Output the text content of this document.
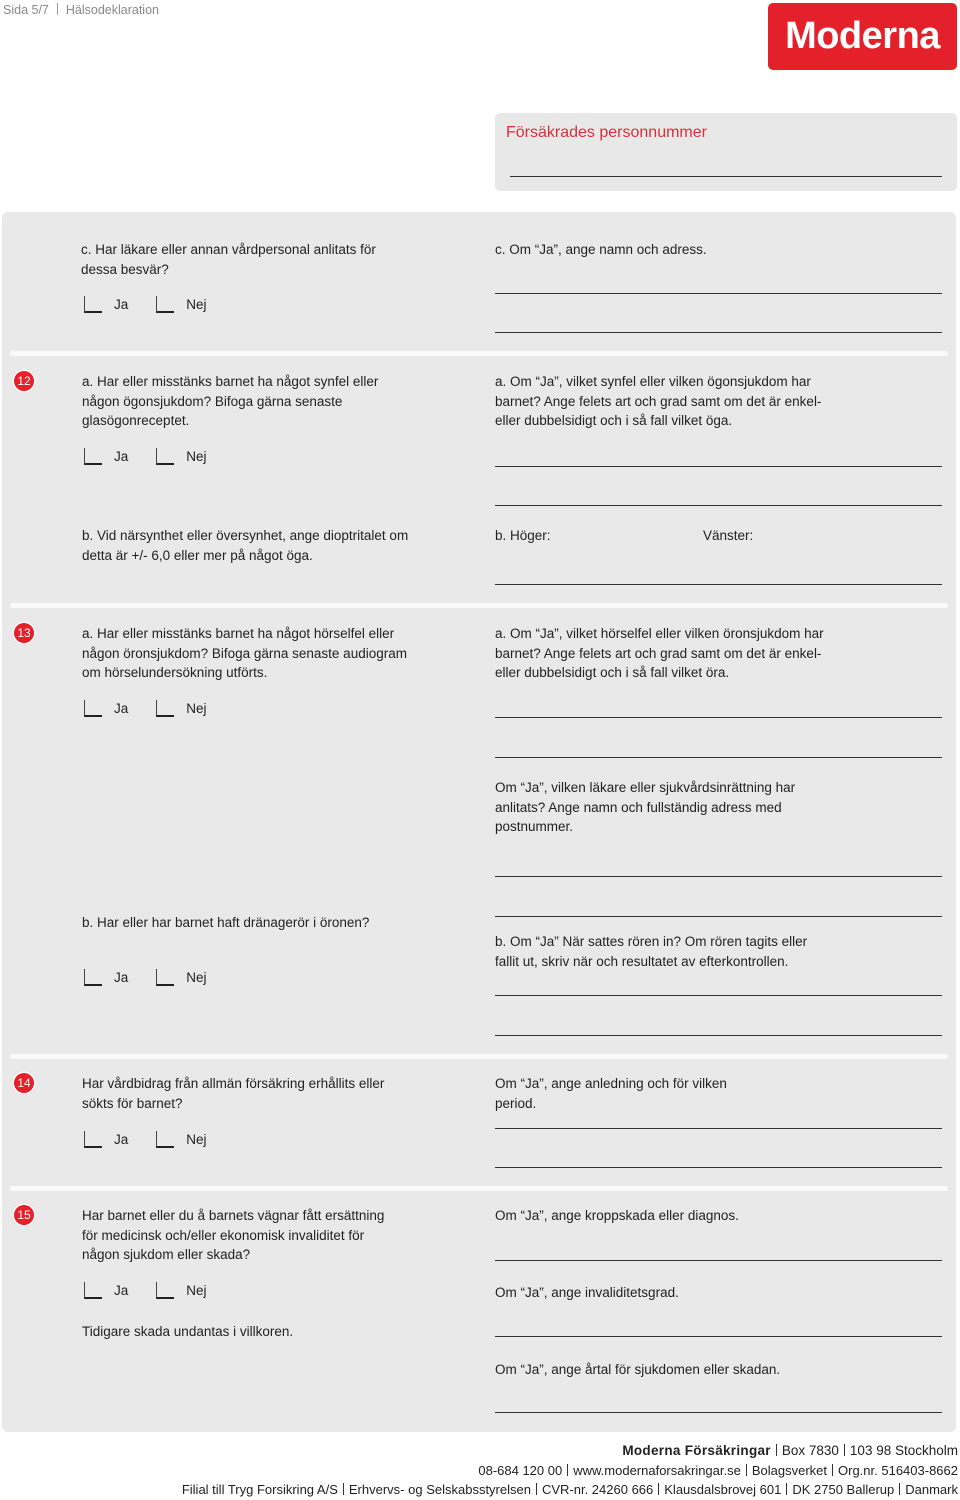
Sida 5/7 Hälsodeklaration
Moderna
Försäkrades personnummer
c. Har läkare eller annan vårdpersonal anlitats för dessa besvär?
Ja	Nej
c. Om “Ja”, ange namn och adress.
12	a. Har eller misstänks barnet ha något synfel eller någon ögonsjukdom? Bifoga gärna senaste glasögonreceptet.
Ja	Nej
a. Om “Ja”, vilket synfel eller vilken ögonsjukdom har barnet? Ange felets art och grad samt om det är enkel- eller dubbelsidigt och i så fall vilket öga.
b. Vid närsynthet eller översynhet, ange dioptritalet om detta är +/- 6,0 eller mer på något öga.
b. Höger:	Vänster:
13	a. Har eller misstänks barnet ha något hörselfel eller någon öronsjukdom? Bifoga gärna senaste audiogram om hörselundersökning utförts.
Ja	Nej
a. Om “Ja”, vilket hörselfel eller vilken öronsjukdom har barnet? Ange felets art och grad samt om det är enkel- eller dubbelsidigt och i så fall vilket öra.
Om “Ja”, vilken läkare eller sjukvårdsinrättning har anlitats? Ange namn och fullständig adress med postnummer.
b. Har eller har barnet haft dränagerör i öronen?
Ja	Nej
b. Om “Ja” När sattes rören in? Om rören tagits eller fallit ut, skriv när och resultatet av efterkontrollen.
14	Har vårdbidrag från allmän försäkring erhållits eller sökts för barnet?
Ja	Nej
Om “Ja”, ange anledning och för vilken period.
15	Har barnet eller du å barnets vägnar fått ersättning för medicinsk och/eller ekonomisk invaliditet för någon sjukdom eller skada?
Ja	Nej
Tidigare skada undantas i villkoren.
Om “Ja”, ange kroppskada eller diagnos.
Om “Ja”, ange invaliditetsgrad.
Om “Ja”, ange årtal för sjukdomen eller skadan.
Moderna Försäkringar Box 7830 103 98 Stockholm
08-684 120 00 www.modernaforsakringar.se Bolagsverket Org.nr. 516403-8662
Filial till Tryg Forsikring A/S Erhvervs- og Selskabsstyrelsen CVR-nr. 24260 666 Klausdalsbrovej 601 DK 2750 Ballerup Danmark
